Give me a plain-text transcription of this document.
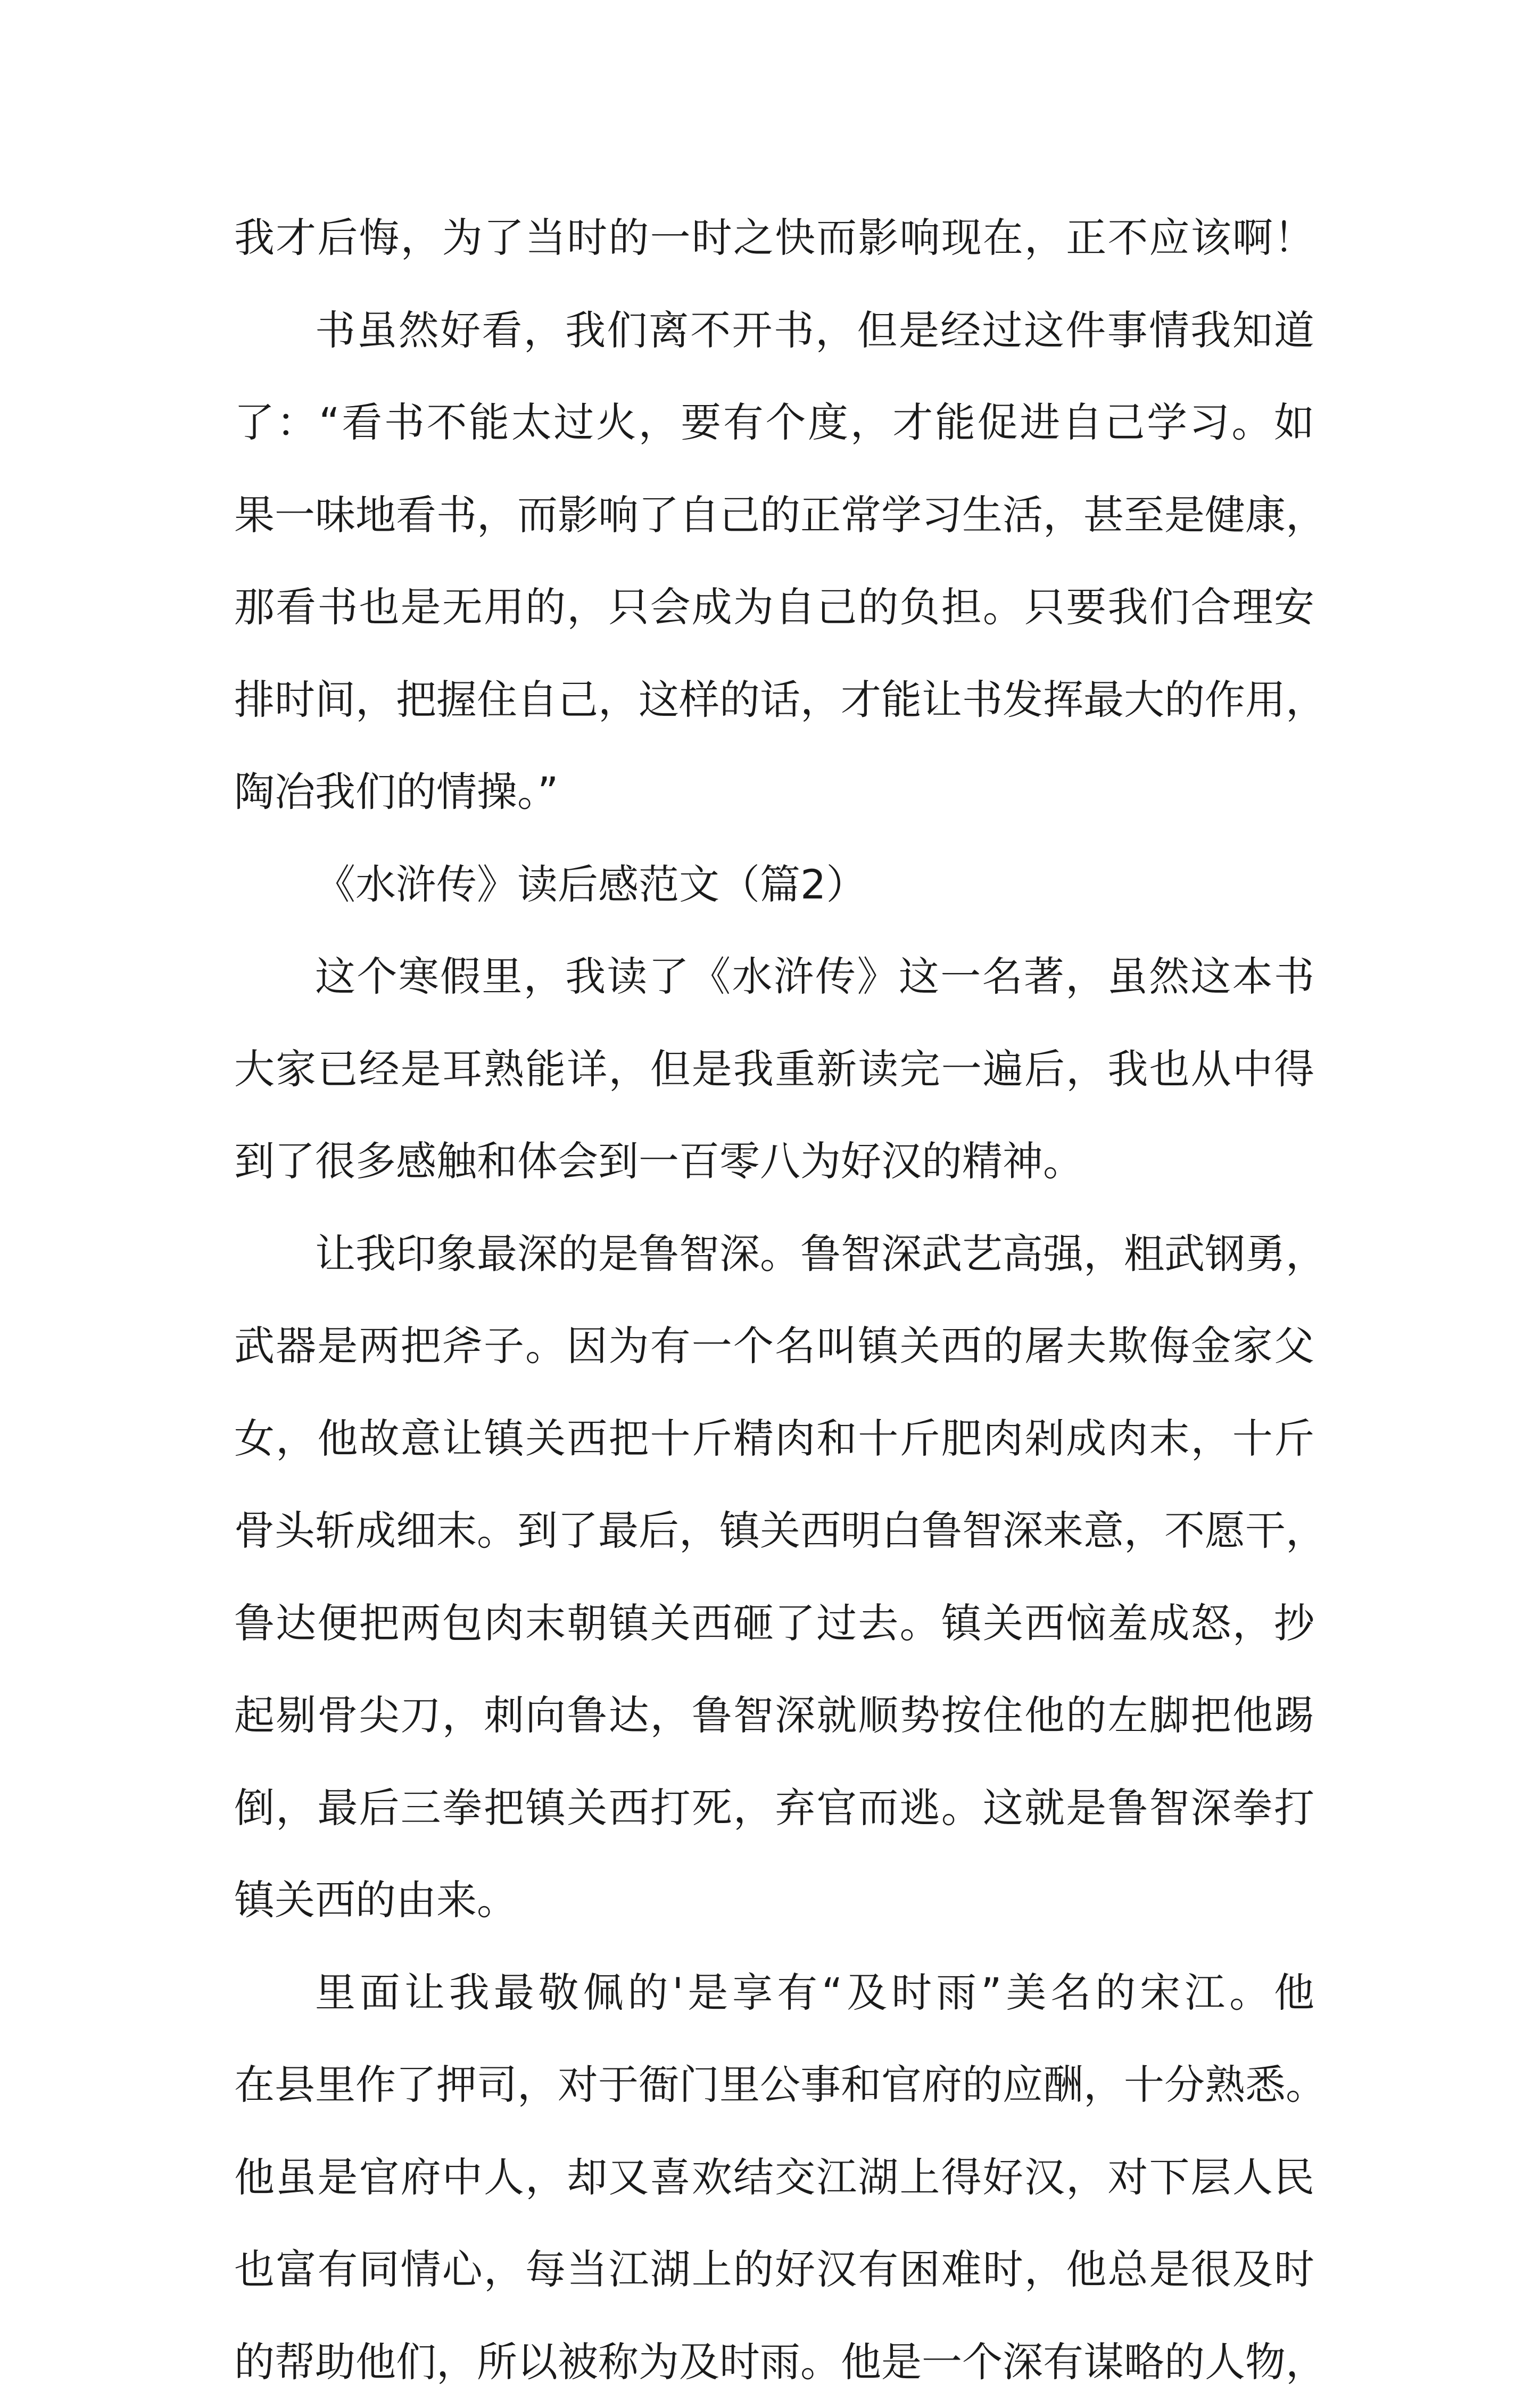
我才后悔，为了当时的一时之快而影响现在，正不应该啊！
书虽然好看，我们离不开书，但是经过这件事情我知道
了：“看书不能太过火，要有个度，才能促进自己学习。如
果一味地看书，而影响了自己的正常学习生活，甚至是健康，
那看书也是无用的，只会成为自己的负担。只要我们合理安
排时间，把握住自己，这样的话，才能让书发挥最大的作用，
陶冶我们的情操。”
《水浒传》读后感范文（篇2）
这个寒假里，我读了《水浒传》这一名著，虽然这本书
大家已经是耳熟能详，但是我重新读完一遍后，我也从中得
到了很多感触和体会到一百零八为好汉的精神。
让我印象最深的是鲁智深。鲁智深武艺高强，粗武钢勇，
武器是两把斧子。因为有一个名叫镇关西的屠夫欺侮金家父
女，他故意让镇关西把十斤精肉和十斤肥肉剁成肉末，十斤
骨头斩成细末。到了最后，镇关西明白鲁智深来意，不愿干，
鲁达便把两包肉末朝镇关西砸了过去。镇关西恼羞成怒，抄
起剔骨尖刀，刺向鲁达，鲁智深就顺势按住他的左脚把他踢
倒，最后三拳把镇关西打死，弃官而逃。这就是鲁智深拳打
镇关西的由来。
里面让我最敬佩的'是享有“及时雨”美名的宋江。他
在县里作了押司，对于衙门里公事和官府的应酬，十分熟悉。
他虽是官府中人，却又喜欢结交江湖上得好汉，对下层人民
也富有同情心，每当江湖上的好汉有困难时，他总是很及时
的帮助他们，所以被称为及时雨。他是一个深有谋略的人物，
